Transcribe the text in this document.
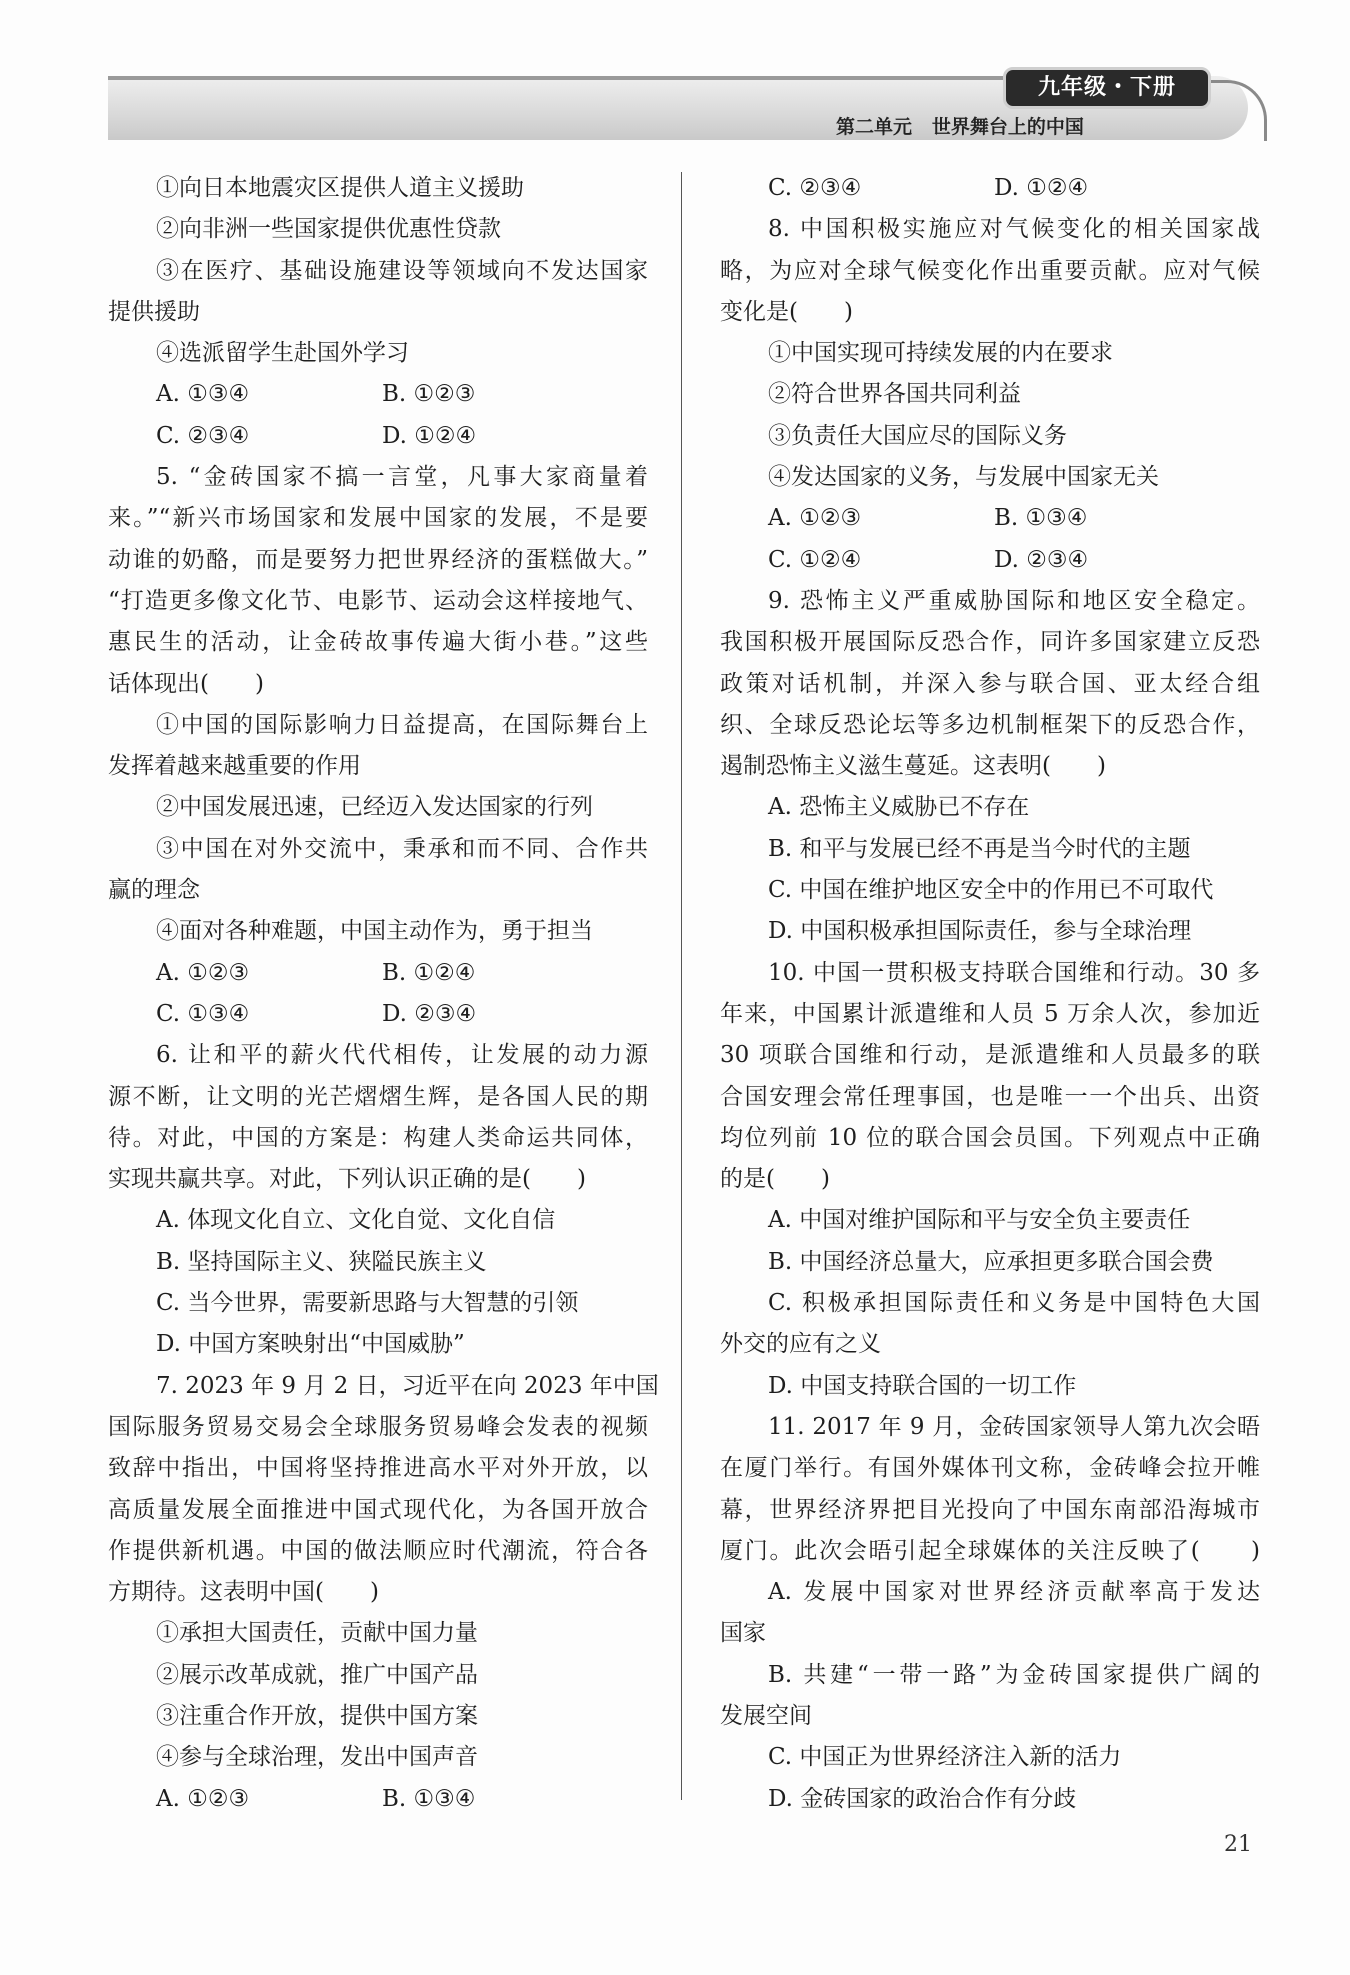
九年级・下册
第二单元   世界舞台上的中国
①向日本地震灾区提供人道主义援助
②向非洲一些国家提供优惠性贷款
③在医疗、基础设施建设等领域向不发达国家
提供援助
④选派留学生赴国外学习
A. ①③④	B. ①②③
C. ②③④	D. ①②④
5. “金砖国家不搞一言堂，凡事大家商量着
来。”“新兴市场国家和发展中国家的发展，不是要
动谁的奶酪，而是要努力把世界经济的蛋糕做大。”
“打造更多像文化节、电影节、运动会这样接地气、
惠民生的活动，让金砖故事传遍大街小巷。”这些
话体现出(　　)
①中国的国际影响力日益提高，在国际舞台上
发挥着越来越重要的作用
②中国发展迅速，已经迈入发达国家的行列
③中国在对外交流中，秉承和而不同、合作共
赢的理念
④面对各种难题，中国主动作为，勇于担当
A. ①②③	B. ①②④
C. ①③④	D. ②③④
6. 让和平的薪火代代相传，让发展的动力源
源不断，让文明的光芒熠熠生辉，是各国人民的期
待。对此，中国的方案是：构建人类命运共同体，
实现共赢共享。对此，下列认识正确的是(　　)
A. 体现文化自立、文化自觉、文化自信
B. 坚持国际主义、狭隘民族主义
C. 当今世界，需要新思路与大智慧的引领
D. 中国方案映射出“中国威胁”
7. 2023 年 9 月 2 日，习近平在向 2023 年中国
国际服务贸易交易会全球服务贸易峰会发表的视频
致辞中指出，中国将坚持推进高水平对外开放，以
高质量发展全面推进中国式现代化，为各国开放合
作提供新机遇。中国的做法顺应时代潮流，符合各
方期待。这表明中国(　　)
①承担大国责任，贡献中国力量
②展示改革成就，推广中国产品
③注重合作开放，提供中国方案
④参与全球治理，发出中国声音
A. ①②③	B. ①③④
C. ②③④	D. ①②④
8. 中国积极实施应对气候变化的相关国家战
略，为应对全球气候变化作出重要贡献。应对气候
变化是(　　)
①中国实现可持续发展的内在要求
②符合世界各国共同利益
③负责任大国应尽的国际义务
④发达国家的义务，与发展中国家无关
A. ①②③	B. ①③④
C. ①②④	D. ②③④
9. 恐怖主义严重威胁国际和地区安全稳定。
我国积极开展国际反恐合作，同许多国家建立反恐
政策对话机制，并深入参与联合国、亚太经合组
织、全球反恐论坛等多边机制框架下的反恐合作，
遏制恐怖主义滋生蔓延。这表明(　　)
A. 恐怖主义威胁已不存在
B. 和平与发展已经不再是当今时代的主题
C. 中国在维护地区安全中的作用已不可取代
D. 中国积极承担国际责任，参与全球治理
10. 中国一贯积极支持联合国维和行动。30 多
年来，中国累计派遣维和人员 5 万余人次，参加近
30 项联合国维和行动，是派遣维和人员最多的联
合国安理会常任理事国，也是唯一一个出兵、出资
均位列前 10 位的联合国会员国。下列观点中正确
的是(　　)
A. 中国对维护国际和平与安全负主要责任
B. 中国经济总量大，应承担更多联合国会费
C. 积极承担国际责任和义务是中国特色大国
外交的应有之义
D. 中国支持联合国的一切工作
11. 2017 年 9 月，金砖国家领导人第九次会晤
在厦门举行。有国外媒体刊文称，金砖峰会拉开帷
幕，世界经济界把目光投向了中国东南部沿海城市
厦门。此次会晤引起全球媒体的关注反映了(　　)
A. 发展中国家对世界经济贡献率高于发达
国家
B. 共建“一带一路”为金砖国家提供广阔的
发展空间
C. 中国正为世界经济注入新的活力
D. 金砖国家的政治合作有分歧
21
